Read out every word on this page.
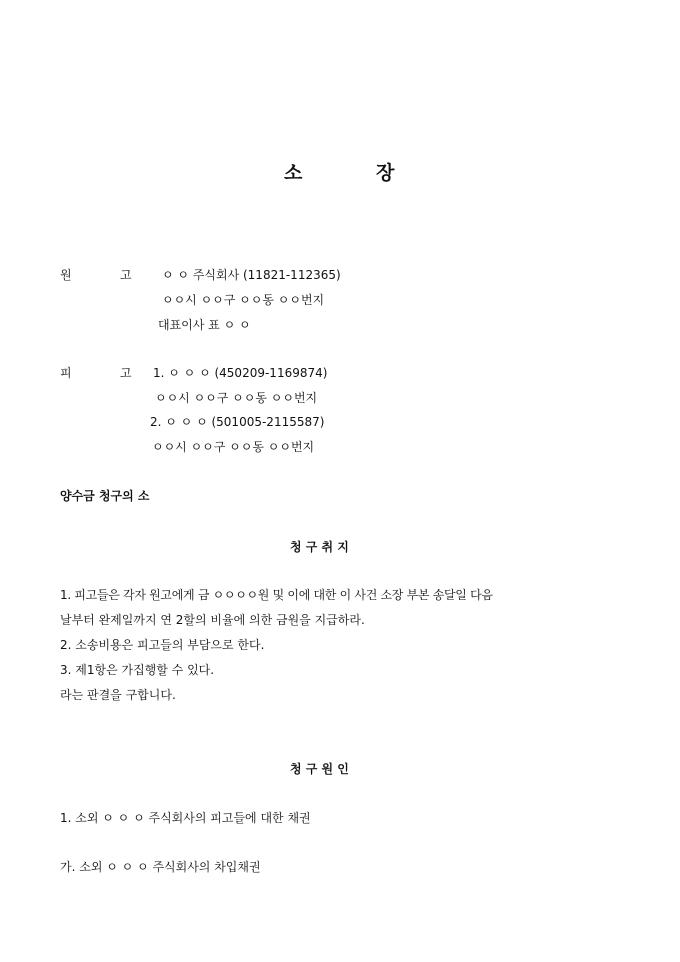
소	장
원	고	ㅇ ㅇ 주식회사 (11821-112365)
ㅇㅇ시 ㅇㅇ구 ㅇㅇ동 ㅇㅇ번지
대표이사 표 ㅇ ㅇ
피	고 1. ㅇ ㅇ ㅇ (450209-1169874)
ㅇㅇ시 ㅇㅇ구 ㅇㅇ동 ㅇㅇ번지
2. ㅇ ㅇ ㅇ (501005-2115587)
ㅇㅇ시 ㅇㅇ구 ㅇㅇ동 ㅇㅇ번지
양수금 청구의 소
청 구 취 지
1. 피고들은 각자 원고에게 금 ㅇㅇㅇㅇ원 및 이에 대한 이 사건 소장 부본 송달일 다음
날부터 완제일까지 연 2할의 비율에 의한 금원을 지급하라.
2. 소송비용은 피고들의 부담으로 한다.
3. 제1항은 가집행할 수 있다.
라는 판결을 구합니다.
청 구 원 인
1. 소외 ㅇ ㅇ ㅇ 주식회사의 피고들에 대한 채권
가. 소외 ㅇ ㅇ ㅇ 주식회사의 차입채권
